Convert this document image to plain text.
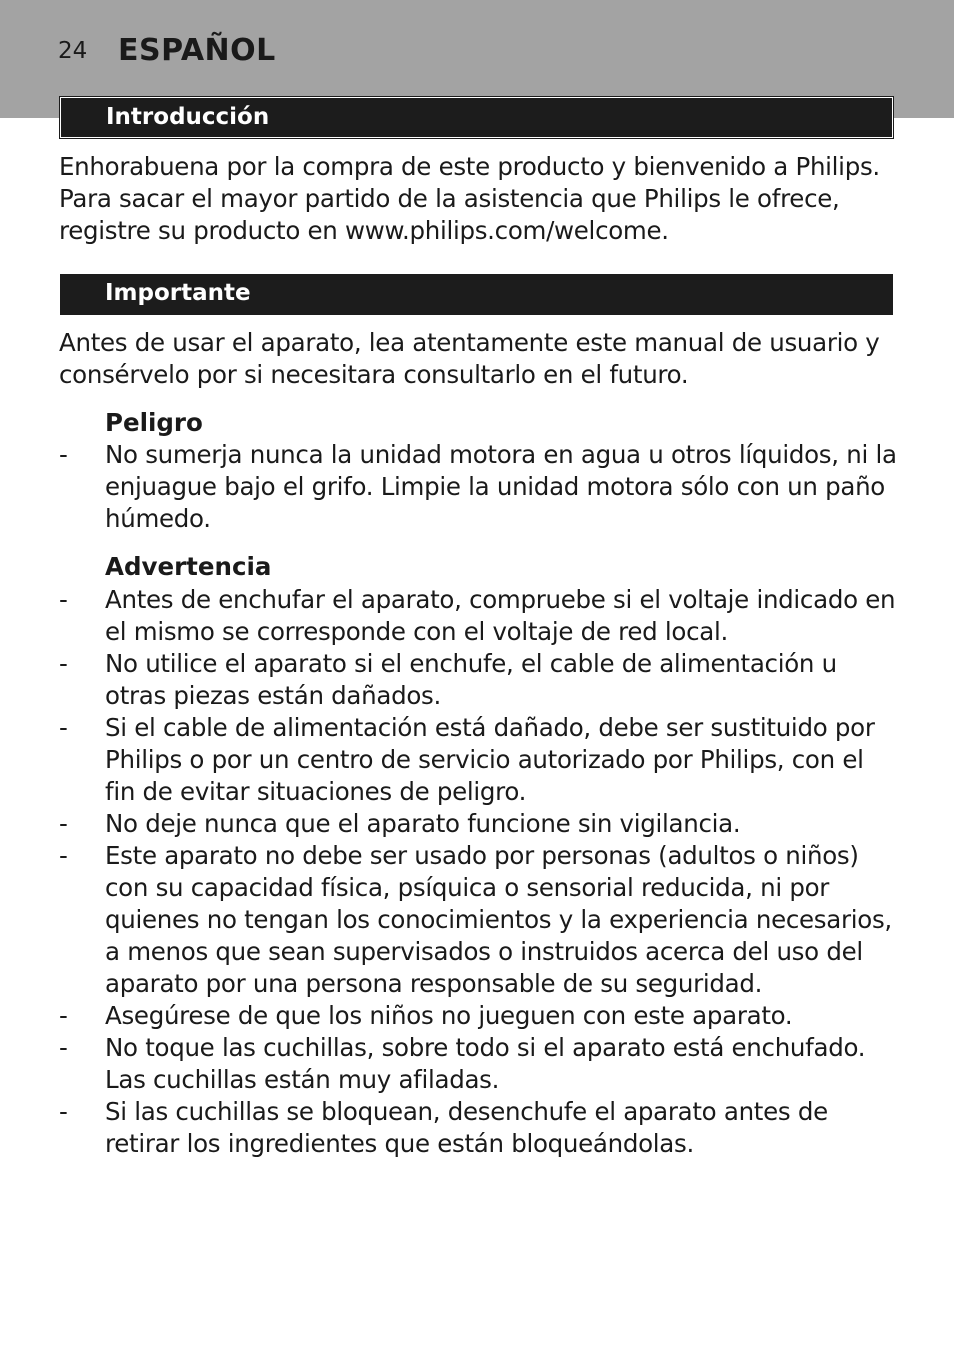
24 ESPAÑOL
Introducción
Enhorabuena por la compra de este producto y bienvenido a Philips. Para sacar el mayor partido de la asistencia que Philips le ofrece, registre su producto en www.philips.com/welcome.
Importante
Antes de usar el aparato, lea atentamente este manual de usuario y consérvelo por si necesitara consultarlo en el futuro.
Peligro
- No sumerja nunca la unidad motora en agua u otros líquidos, ni la enjuague bajo el grifo. Limpie la unidad motora sólo con un paño húmedo.
Advertencia
- Antes de enchufar el aparato, compruebe si el voltaje indicado en el mismo se corresponde con el voltaje de red local.
- No utilice el aparato si el enchufe, el cable de alimentación u otras piezas están dañados.
- Si el cable de alimentación está dañado, debe ser sustituido por Philips o por un centro de servicio autorizado por Philips, con el fin de evitar situaciones de peligro.
- No deje nunca que el aparato funcione sin vigilancia.
- Este aparato no debe ser usado por personas (adultos o niños) con su capacidad física, psíquica o sensorial reducida, ni por quienes no tengan los conocimientos y la experiencia necesarios, a menos que sean supervisados o instruidos acerca del uso del aparato por una persona responsable de su seguridad.
- Asegúrese de que los niños no jueguen con este aparato.
- No toque las cuchillas, sobre todo si el aparato está enchufado. Las cuchillas están muy afiladas.
- Si las cuchillas se bloquean, desenchufe el aparato antes de retirar los ingredientes que están bloqueándolas.
